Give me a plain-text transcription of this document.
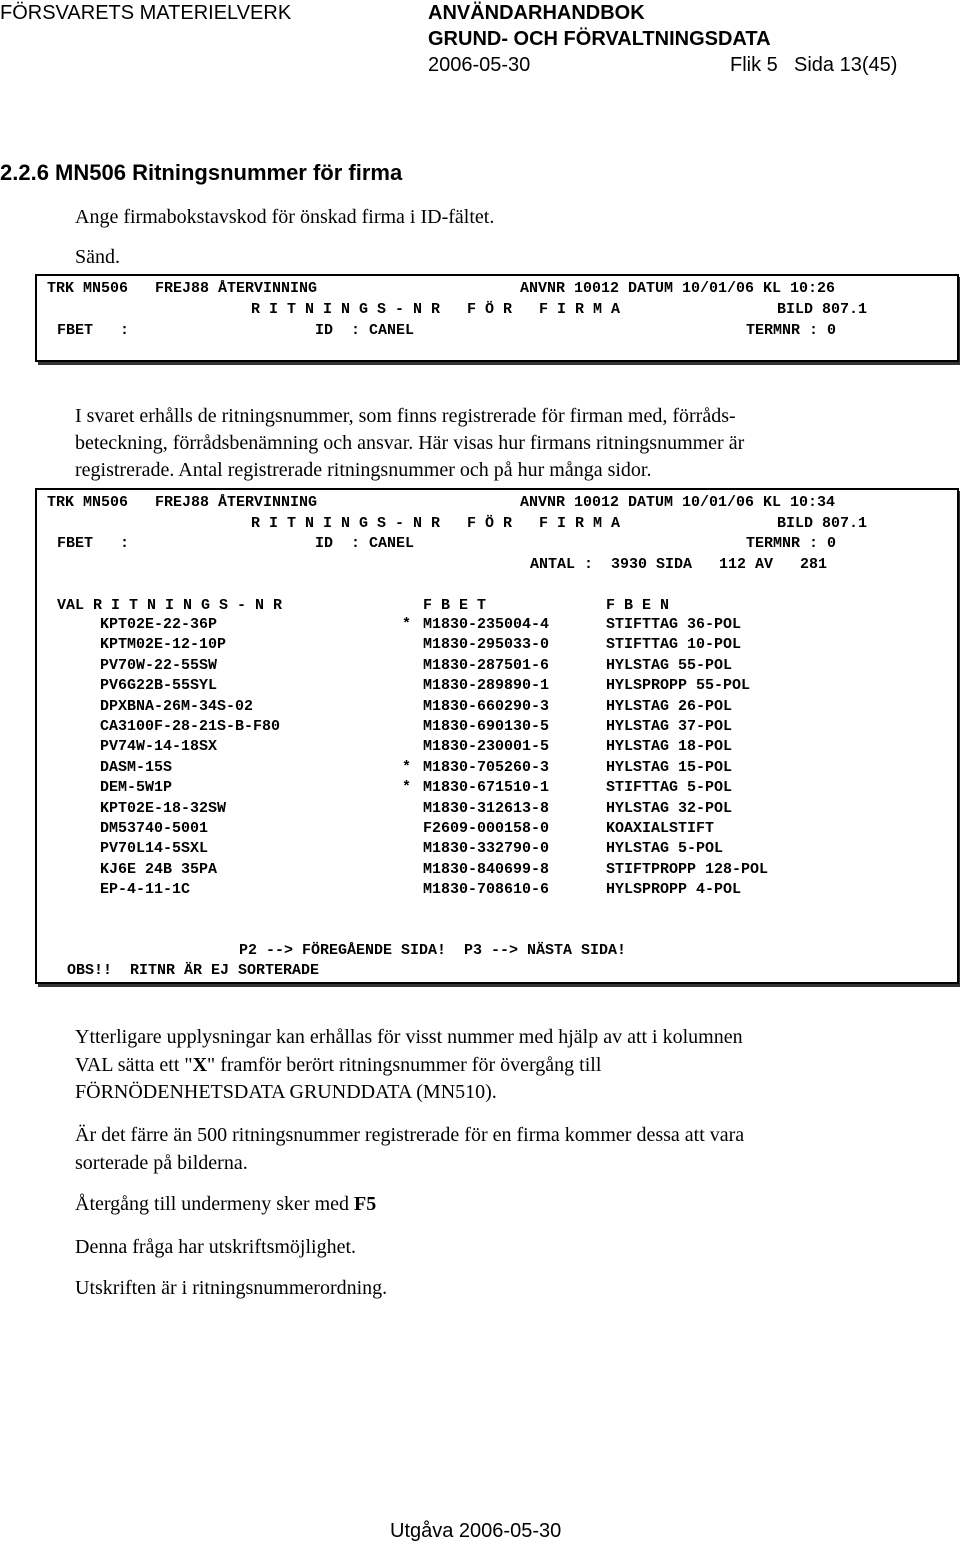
FÖRSVARETS MATERIELVERK	ANVÄNDARHANDBOK
GRUND- OCH FÖRVALTNINGSDATA
2006-05-30	Flik 5 Sida 13(45)
2.2.6 MN506 Ritningsnummer för firma
Ange firmabokstavskod för önskad firma i ID-fältet.
Sänd.
TRK MN506   FREJ88 ÅTERVINNING	ANVNR 10012 DATUM 10/01/06 KL 10:26
R I T N I N G S - N R   F Ö R   F I R M A	BILD 807.1
FBET   :	ID  : CANEL	TERMNR : 0
I svaret erhålls de ritningsnummer, som finns registrerade för firman med, förråds-
beteckning, förrådsbenämning och ansvar. Här visas hur firmans ritningsnummer är
registrerade. Antal registrerade ritningsnummer och på hur många sidor.
TRK MN506   FREJ88 ÅTERVINNING	ANVNR 10012 DATUM 10/01/06 KL 10:34
R I T N I N G S - N R   F Ö R   F I R M A	BILD 807.1
FBET   :	ID  : CANEL	TERMNR : 0
ANTAL :  3930 SIDA   112 AV   281
VAL R I T N I N G S - N R	F B E T	F B E N
KPT02E-22-36P	* M1830-235004-4	STIFTTAG 36-POL
KPTM02E-12-10P	M1830-295033-0	STIFTTAG 10-POL
PV70W-22-55SW	M1830-287501-6	HYLSTAG 55-POL
PV6G22B-55SYL	M1830-289890-1	HYLSPROPP 55-POL
DPXBNA-26M-34S-02	M1830-660290-3	HYLSTAG 26-POL
CA3100F-28-21S-B-F80	M1830-690130-5	HYLSTAG 37-POL
PV74W-14-18SX	M1830-230001-5	HYLSTAG 18-POL
DASM-15S	* M1830-705260-3	HYLSTAG 15-POL
DEM-5W1P	* M1830-671510-1	STIFTTAG 5-POL
KPT02E-18-32SW	M1830-312613-8	HYLSTAG 32-POL
DM53740-5001	F2609-000158-0	KOAXIALSTIFT
PV70L14-5SXL	M1830-332790-0	HYLSTAG 5-POL
KJ6E 24B 35PA	M1830-840699-8	STIFTPROPP 128-POL
EP-4-11-1C	M1830-708610-6	HYLSPROPP 4-POL
P2 --> FÖREGÅENDE SIDA!  P3 --> NÄSTA SIDA!
OBS!!  RITNR ÄR EJ SORTERADE
Ytterligare upplysningar kan erhållas för visst nummer med hjälp av att i kolumnen
VAL sätta ett "X" framför berört ritningsnummer för övergång till
FÖRNÖDENHETSDATA GRUNDDATA (MN510).
Är det färre än 500 ritningsnummer registrerade för en firma kommer dessa att vara
sorterade på bilderna.
Återgång till undermeny sker med F5
Denna fråga har utskriftsmöjlighet.
Utskriften är i ritningsnummerordning.
Utgåva 2006-05-30
